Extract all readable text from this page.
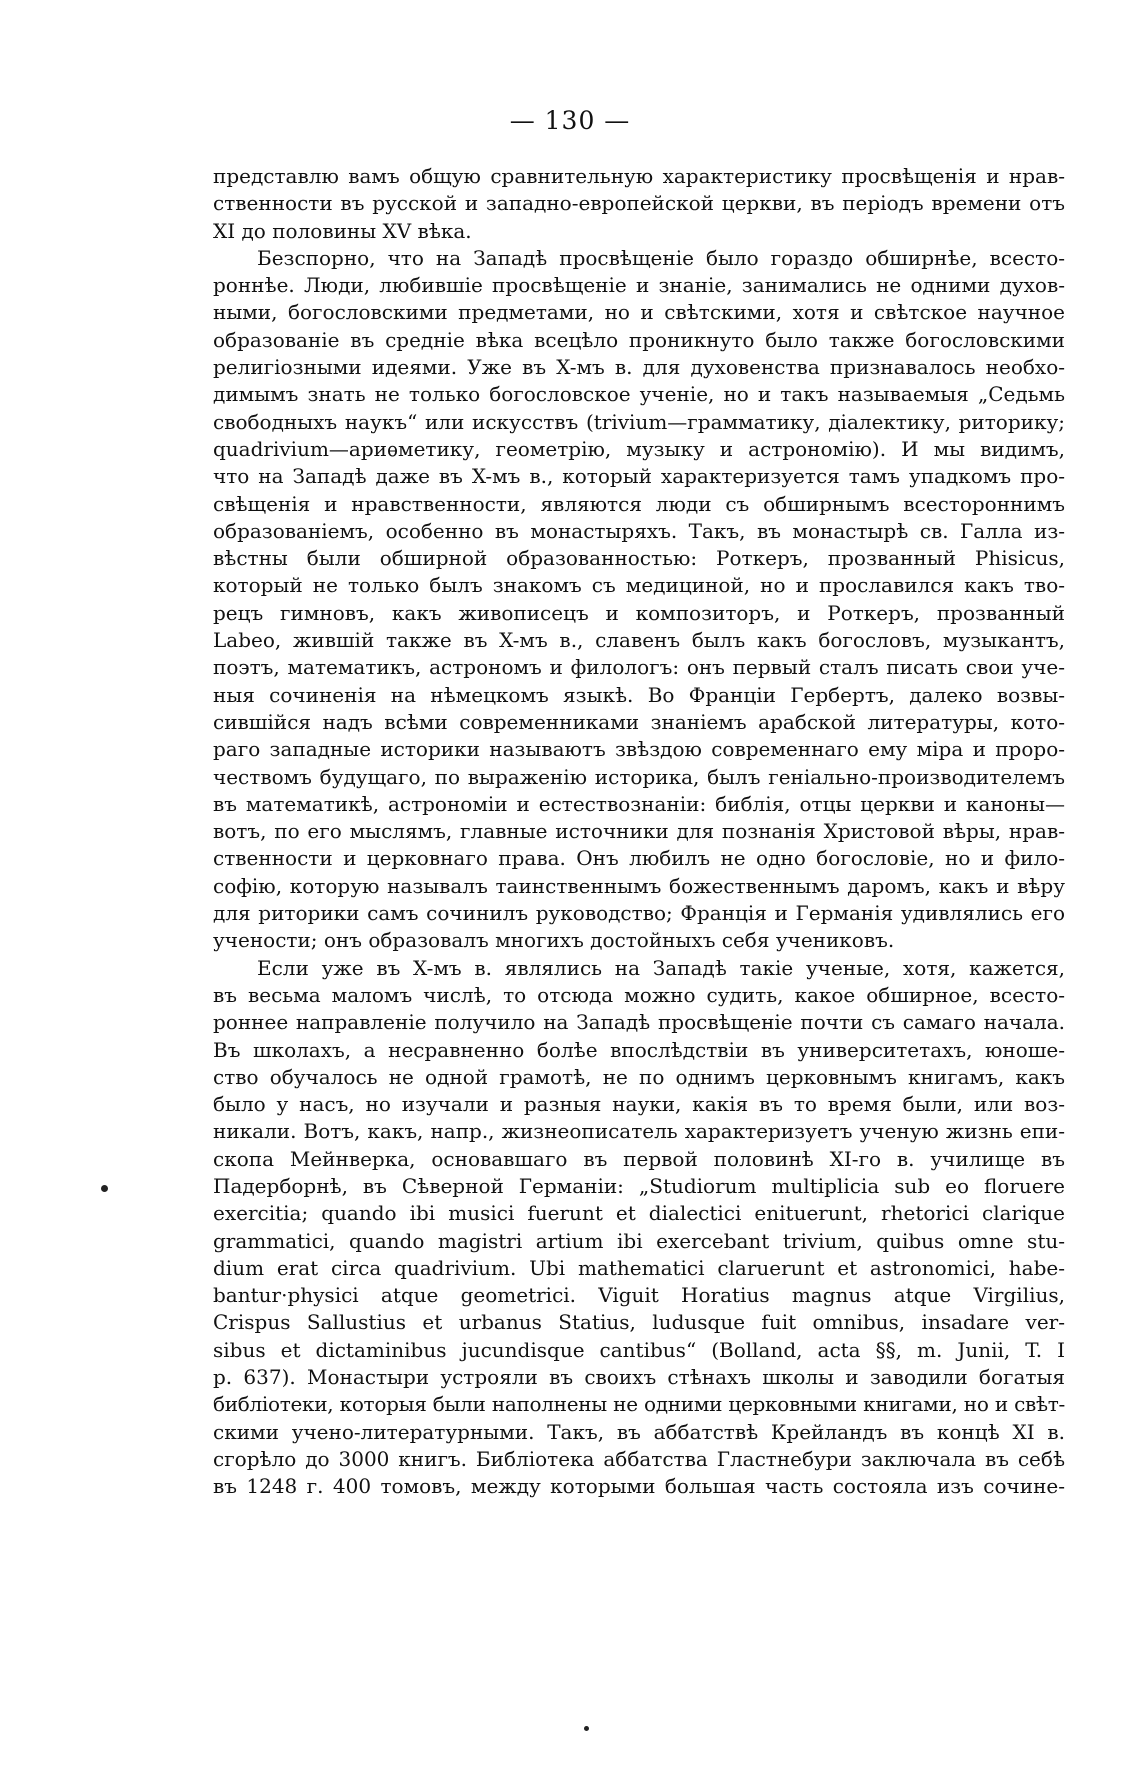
— 130 —
представлю вамъ общую сравнительную характеристику просвѣщенія и нрав-
ственности въ русской и западно-европейской церкви, въ періодъ времени отъ
XI до половины XV вѣка.
Безспорно, что на Западѣ просвѣщеніе было гораздо обширнѣе, всесто-
роннѣе. Люди, любившіе просвѣщеніе и знаніе, занимались не одними духов-
ными, богословскими предметами, но и свѣтскими, хотя и свѣтское научное
образованіе въ средніе вѣка всецѣло проникнуто было также богословскими
религіозными идеями. Уже въ X-мъ в. для духовенства признавалось необхо-
димымъ знать не только богословское ученіе, но и такъ называемыя „Седьмь
свободныхъ наукъ“ или искусствъ (trivium—грамматику, діалектику, риторику;
quadrivium—ариѳметику, геометрію, музыку и астрономію). И мы видимъ,
что на Западѣ даже въ X-мъ в., который характеризуется тамъ упадкомъ про-
свѣщенія и нравственности, являются люди съ обширнымъ всестороннимъ
образованіемъ, особенно въ монастыряхъ. Такъ, въ монастырѣ св. Галла из-
вѣстны были обширной образованностью: Роткеръ, прозванный Phisicus,
который не только былъ знакомъ съ медициной, но и прославился какъ тво-
рецъ гимновъ, какъ живописецъ и композиторъ, и Роткеръ, прозванный
Labeo, жившій также въ X-мъ в., славенъ былъ какъ богословъ, музыкантъ,
поэтъ, математикъ, астрономъ и филологъ: онъ первый сталъ писать свои уче-
ныя сочиненія на нѣмецкомъ языкѣ. Во Франціи Гербертъ, далеко возвы-
сившійся надъ всѣми современниками знаніемъ арабской литературы, кото-
раго западные историки называютъ звѣздою современнаго ему міра и проро-
чествомъ будущаго, по выраженію историка, былъ геніально-производителемъ
въ математикѣ, астрономіи и естествознаніи: библія, отцы церкви и каноны—
вотъ, по его мыслямъ, главные источники для познанія Христовой вѣры, нрав-
ственности и церковнаго права. Онъ любилъ не одно богословіе, но и фило-
софію, которую называлъ таинственнымъ божественнымъ даромъ, какъ и вѣру
для риторики самъ сочинилъ руководство; Франція и Германія удивлялись его
учености; онъ образовалъ многихъ достойныхъ себя учениковъ.
Если уже въ X-мъ в. являлись на Западѣ такіе ученые, хотя, кажется,
въ весьма маломъ числѣ, то отсюда можно судить, какое обширное, всесто-
роннее направленіе получило на Западѣ просвѣщеніе почти съ самаго начала.
Въ школахъ, а несравненно болѣе впослѣдствіи въ университетахъ, юноше-
ство обучалось не одной грамотѣ, не по однимъ церковнымъ книгамъ, какъ
было у насъ, но изучали и разныя науки, какія въ то время были, или воз-
никали. Вотъ, какъ, напр., жизнеописатель характеризуетъ ученую жизнь епи-
скопа Мейнверка, основавшаго въ первой половинѣ XI-го в. училище въ
Падерборнѣ, въ Сѣверной Германіи: „Studiorum multiplicia sub eo floruere
exercitia; quando ibi musici fuerunt et dialectici enituerunt, rhetorici clarique
grammatici, quando magistri artium ibi exercebant trivium, quibus omne stu-
dium erat circa quadrivium. Ubi mathematici claruerunt et astronomici, habe-
bantur·physici atque geometrici. Viguit Horatius magnus atque Virgilius,
Crispus Sallustius et urbanus Statius, ludusque fuit omnibus, insadare ver-
sibus et dictaminibus jucundisque cantibus“ (Bolland, acta §§, m. Junii, T. I
p. 637). Монастыри устрояли въ своихъ стѣнахъ школы и заводили богатыя
библіотеки, которыя были наполнены не одними церковными книгами, но и свѣт-
скими учено-литературными. Такъ, въ аббатствѣ Крейландъ въ концѣ XI в.
сгорѣло до 3000 книгъ. Библіотека аббатства Гластнебури заключала въ себѣ
въ 1248 г. 400 томовъ, между которыми большая часть состояла изъ сочине-
